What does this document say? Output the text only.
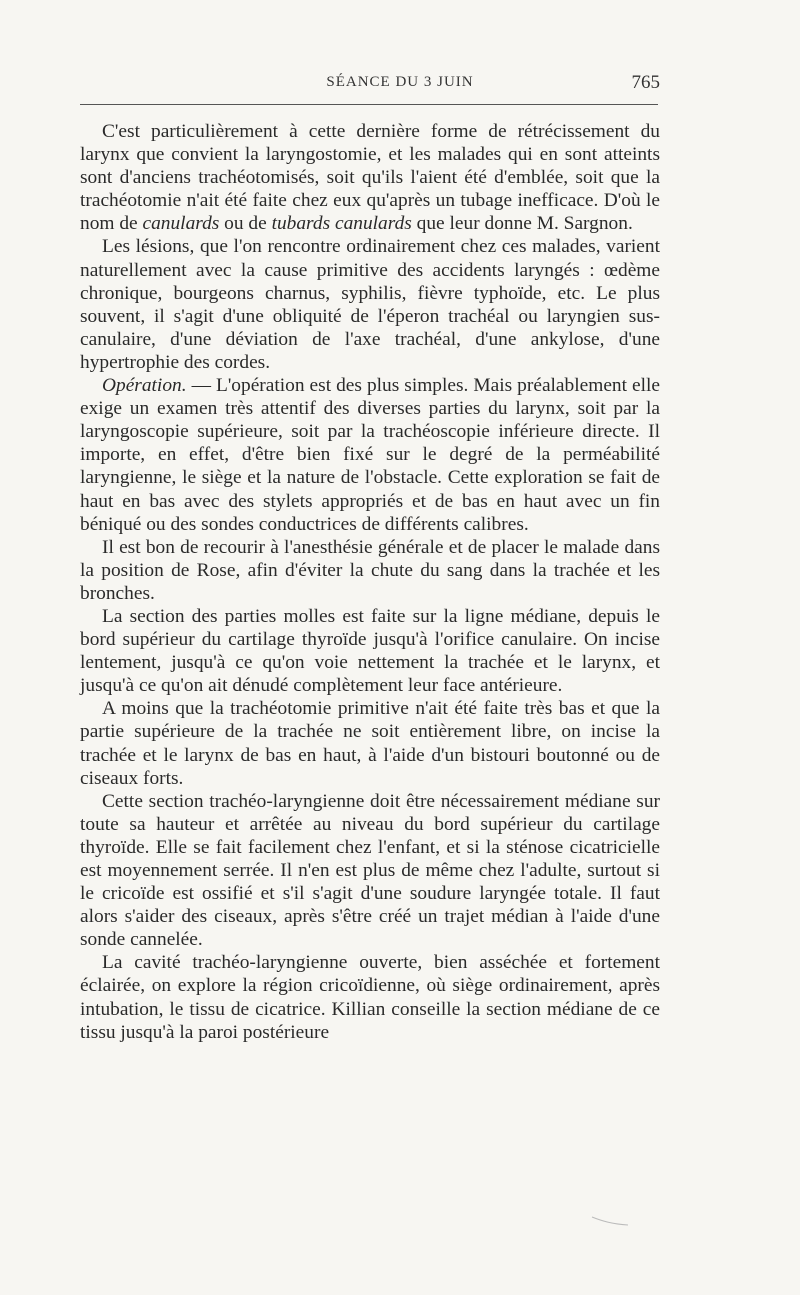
SÉANCE DU 3 JUIN	765

C'est particulièrement à cette dernière forme de rétrécissement du larynx que convient la laryngostomie, et les malades qui en sont atteints sont d'anciens trachéotomisés, soit qu'ils l'aient été d'emblée, soit que la trachéotomie n'ait été faite chez eux qu'après un tubage inefficace. D'où le nom de canulards ou de tubards canulards que leur donne M. Sargnon.

Les lésions, que l'on rencontre ordinairement chez ces malades, varient naturellement avec la cause primitive des accidents laryngés : œdème chronique, bourgeons charnus, syphilis, fièvre typhoïde, etc. Le plus souvent, il s'agit d'une obliquité de l'éperon trachéal ou laryngien sus-canulaire, d'une déviation de l'axe trachéal, d'une ankylose, d'une hypertrophie des cordes.

Opération. — L'opération est des plus simples. Mais préalablement elle exige un examen très attentif des diverses parties du larynx, soit par la laryngoscopie supérieure, soit par la trachéoscopie inférieure directe. Il importe, en effet, d'être bien fixé sur le degré de la perméabilité laryngienne, le siège et la nature de l'obstacle. Cette exploration se fait de haut en bas avec des stylets appropriés et de bas en haut avec un fin béniqué ou des sondes conductrices de différents calibres.

Il est bon de recourir à l'anesthésie générale et de placer le malade dans la position de Rose, afin d'éviter la chute du sang dans la trachée et les bronches.

La section des parties molles est faite sur la ligne médiane, depuis le bord supérieur du cartilage thyroïde jusqu'à l'orifice canulaire. On incise lentement, jusqu'à ce qu'on voie nettement la trachée et le larynx, et jusqu'à ce qu'on ait dénudé complètement leur face antérieure.

A moins que la trachéotomie primitive n'ait été faite très bas et que la partie supérieure de la trachée ne soit entièrement libre, on incise la trachée et le larynx de bas en haut, à l'aide d'un bistouri boutonné ou de ciseaux forts.

Cette section trachéo-laryngienne doit être nécessairement médiane sur toute sa hauteur et arrêtée au niveau du bord supérieur du cartilage thyroïde. Elle se fait facilement chez l'enfant, et si la sténose cicatricielle est moyennement serrée. Il n'en est plus de même chez l'adulte, surtout si le cricoïde est ossifié et s'il s'agit d'une soudure laryngée totale. Il faut alors s'aider des ciseaux, après s'être créé un trajet médian à l'aide d'une sonde cannelée.

La cavité trachéo-laryngienne ouverte, bien asséchée et fortement éclairée, on explore la région cricoïdienne, où siège ordinairement, après intubation, le tissu de cicatrice. Killian conseille la section médiane de ce tissu jusqu'à la paroi postérieure
